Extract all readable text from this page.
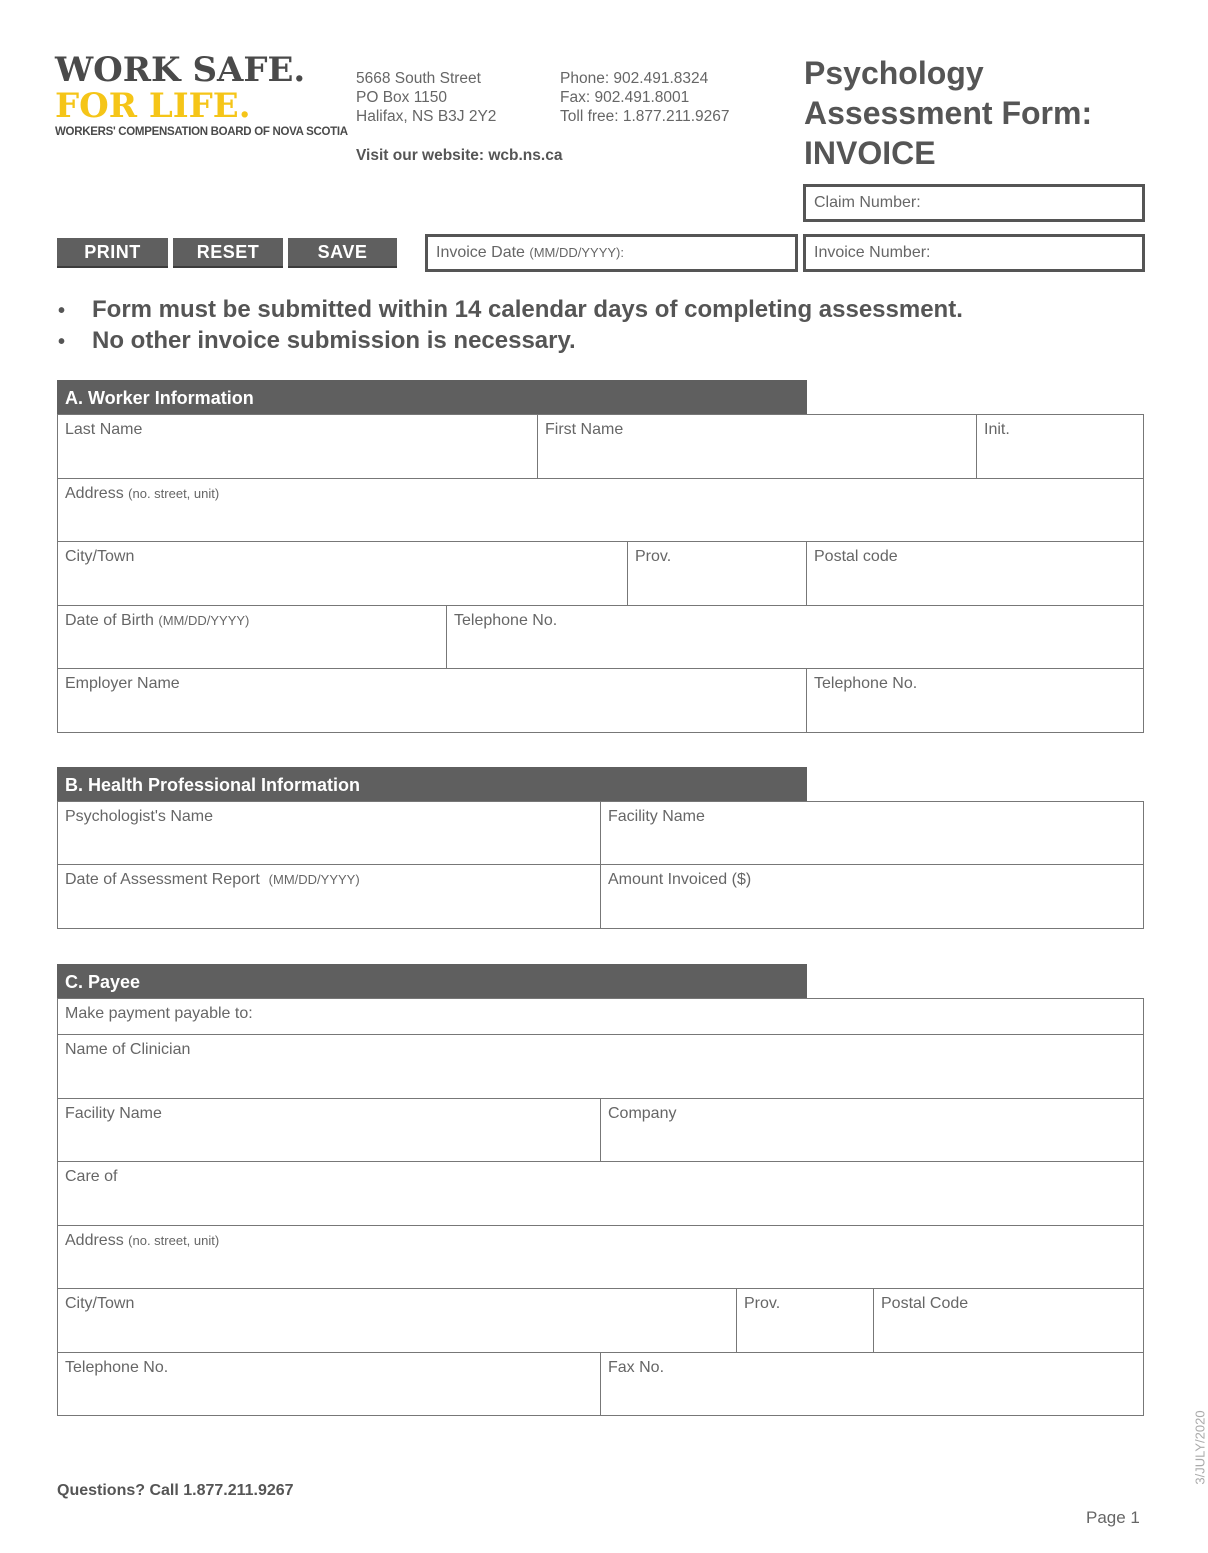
WORK SAFE.
FOR LIFE.
WORKERS' COMPENSATION BOARD OF NOVA SCOTIA
5668 South Street
PO Box 1150
Halifax, NS B3J 2Y2
Phone: 902.491.8324
Fax: 902.491.8001
Toll free: 1.877.211.9267
Visit our website: wcb.ns.ca
Psychology
Assessment Form:
INVOICE
Claim Number:
Invoice Date (MM/DD/YYYY):	Invoice Number:
PRINT	RESET	SAVE
• Form must be submitted within 14 calendar days of completing assessment.
• No other invoice submission is necessary.
A. Worker Information
Last Name	First Name	Init.
Address (no. street, unit)
City/Town	Prov.	Postal code
Date of Birth (MM/DD/YYYY)	Telephone No.
Employer Name	Telephone No.
B. Health Professional Information
Psychologist's Name	Facility Name
Date of Assessment Report (MM/DD/YYYY)	Amount Invoiced ($)
C. Payee
Make payment payable to:
Name of Clinician
Facility Name	Company
Care of
Address (no. street, unit)
City/Town	Prov.	Postal Code
Telephone No.	Fax No.
Questions? Call 1.877.211.9267
Page 1
3/JULY/2020
